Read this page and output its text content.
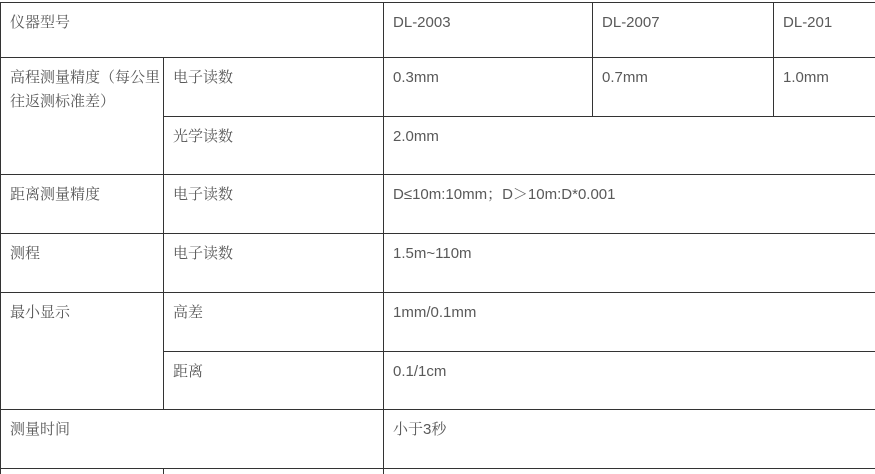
仪器型号		DL-2003	DL-2007	DL-201
高程测量精度（每公里往返测标准差）	电子读数	0.3mm	0.7mm	1.0mm
	光学读数	2.0mm		
距离测量精度	电子读数	D≤10m:10mm；D＞10m:D*0.001		
测程	电子读数	1.5m~110m		
最小显示	高差	1mm/0.1mm		
	距离	0.1/1cm		
测量时间		小于3秒		
